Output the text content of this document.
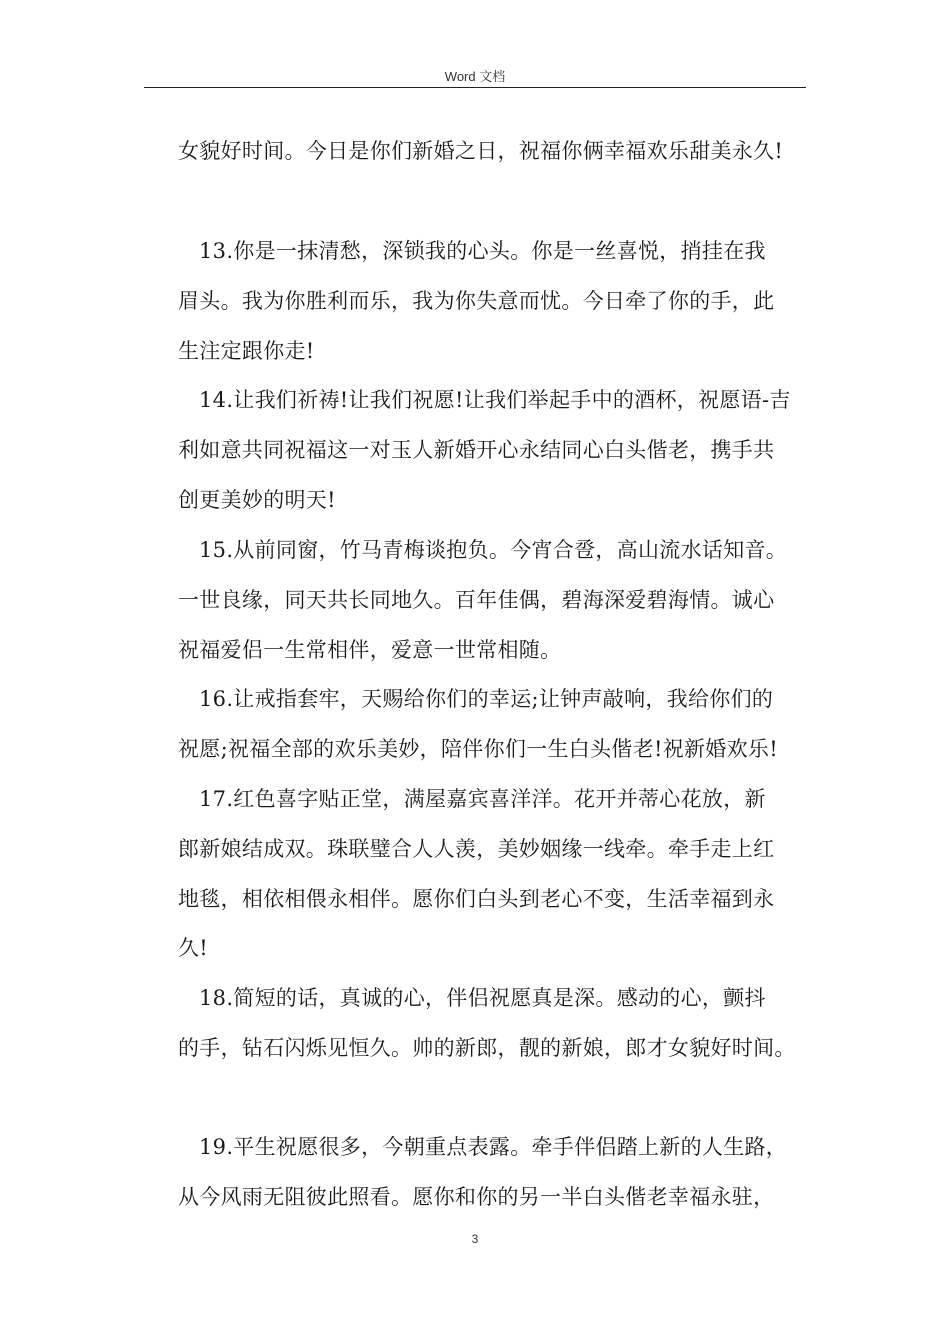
Word 文档
女貌好时间。今日是你们新婚之日，祝福你俩幸福欢乐甜美永久!
13.你是一抹清愁，深锁我的心头。你是一丝喜悦，捎挂在我
眉头。我为你胜利而乐，我为你失意而忧。今日牵了你的手，此
生注定跟你走!
14.让我们祈祷!让我们祝愿!让我们举起手中的酒杯，祝愿语-吉
利如意共同祝福这一对玉人新婚开心永结同心白头偕老，携手共
创更美妙的明天!
15.从前同窗，竹马青梅谈抱负。今宵合卺，高山流水话知音。
一世良缘，同天共长同地久。百年佳偶，碧海深爱碧海情。诚心
祝福爱侣一生常相伴，爱意一世常相随。
16.让戒指套牢，天赐给你们的幸运;让钟声敲响，我给你们的
祝愿;祝福全部的欢乐美妙，陪伴你们一生白头偕老!祝新婚欢乐!
17.红色喜字贴正堂，满屋嘉宾喜洋洋。花开并蒂心花放，新
郎新娘结成双。珠联璧合人人羡，美妙姻缘一线牵。牵手走上红
地毯，相依相偎永相伴。愿你们白头到老心不变，生活幸福到永
久!
18.简短的话，真诚的心，伴侣祝愿真是深。感动的心，颤抖
的手，钻石闪烁见恒久。帅的新郎，靓的新娘，郎才女貌好时间。
19.平生祝愿很多，今朝重点表露。牵手伴侣踏上新的人生路，
从今风雨无阻彼此照看。愿你和你的另一半白头偕老幸福永驻，
3
